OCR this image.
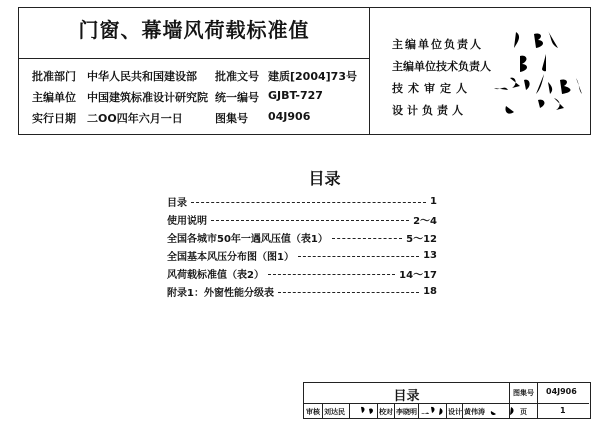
门窗、幕墙风荷载标准值
批准部门 中华人民共和国建设部 批准文号 建质[2004]73号
主编单位 中国建筑标准设计研究院 统一编号 GJBT-727
实行日期 二ОО四年六月一日	图集号 04J906
主编单位负责人
主编单位技术负责人
技术审定人
设计负责人
目录
目录	1
使用说明	2～4
全国各城市50年一遇风压值（表1）	5～12
全国基本风压分布图（图1）	13
风荷载标准值（表2）	14～17
附录1：外窗性能分级表	18
目录	图集号 04J906
审核 刘达民	校对 李晓明	设计 黄伟涛	页	1
